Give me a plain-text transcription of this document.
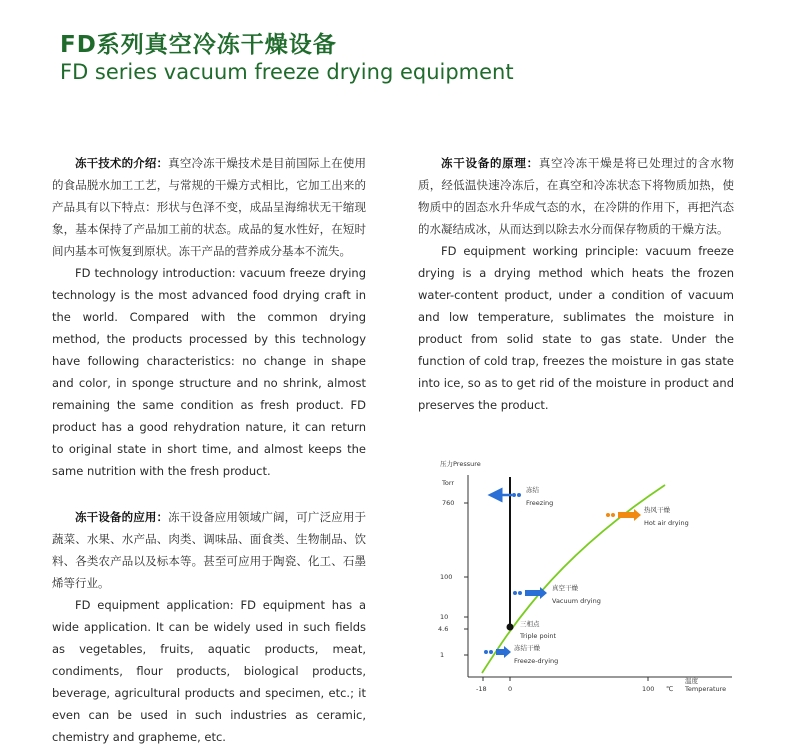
FD系列真空冷冻干燥设备
FD series vacuum freeze drying equipment

冻干技术的介绍：真空冷冻干燥技术是目前国际上在使用的食品脱水加工工艺，与常规的干燥方式相比，它加工出来的产品具有以下特点：形状与色泽不变，成品呈海绵状无干缩现象，基本保持了产品加工前的状态。成品的复水性好，在短时间内基本可恢复到原状。冻干产品的营养成分基本不流失。

FD technology introduction: vacuum freeze drying technology is the most advanced food drying craft in the world. Compared with the common drying method, the products processed by this technology have following characteristics: no change in shape and color, in sponge structure and no shrink, almost remaining the same condition as fresh product. FD product has a good rehydration nature, it can return to original state in short time, and almost keeps the same nutrition with the fresh product.

冻干设备的应用：冻干设备应用领域广阔，可广泛应用于蔬菜、水果、水产品、肉类、调味品、面食类、生物制品、饮料、各类农产品以及标本等。甚至可应用于陶瓷、化工、石墨烯等行业。

FD equipment application: FD equipment has a wide application. It can be widely used in such fields as vegetables, fruits, aquatic products, meat, condiments, flour products, biological products, beverage, agricultural products and specimen, etc.; it even can be used in such industries as ceramic, chemistry and grapheme, etc.

冻干设备的原理：真空冷冻干燥是将已处理过的含水物质，经低温快速冷冻后，在真空和冷冻状态下将物质加热，使物质中的固态水升华成气态的水，在冷阱的作用下，再把汽态的水凝结成冰，从而达到以除去水分而保存物质的干燥方法。

FD equipment working principle: vacuum freeze drying is a drying method which heats the frozen water-content product, under a condition of vacuum and low temperature, sublimates the moisture in product from solid state to gas state. Under the function of cold trap, freezes the moisture in gas state into ice, so as to get rid of the moisture in product and preserves the product.

压力Pressure
Torr
760
100
10
4.6
1
-18	0	100 ℃
温度
Temperature
冻结
Freezing
热风干燥
Hot air drying
真空干燥
Vacuum drying
三相点
Triple point
冻结干燥
Freeze-drying
